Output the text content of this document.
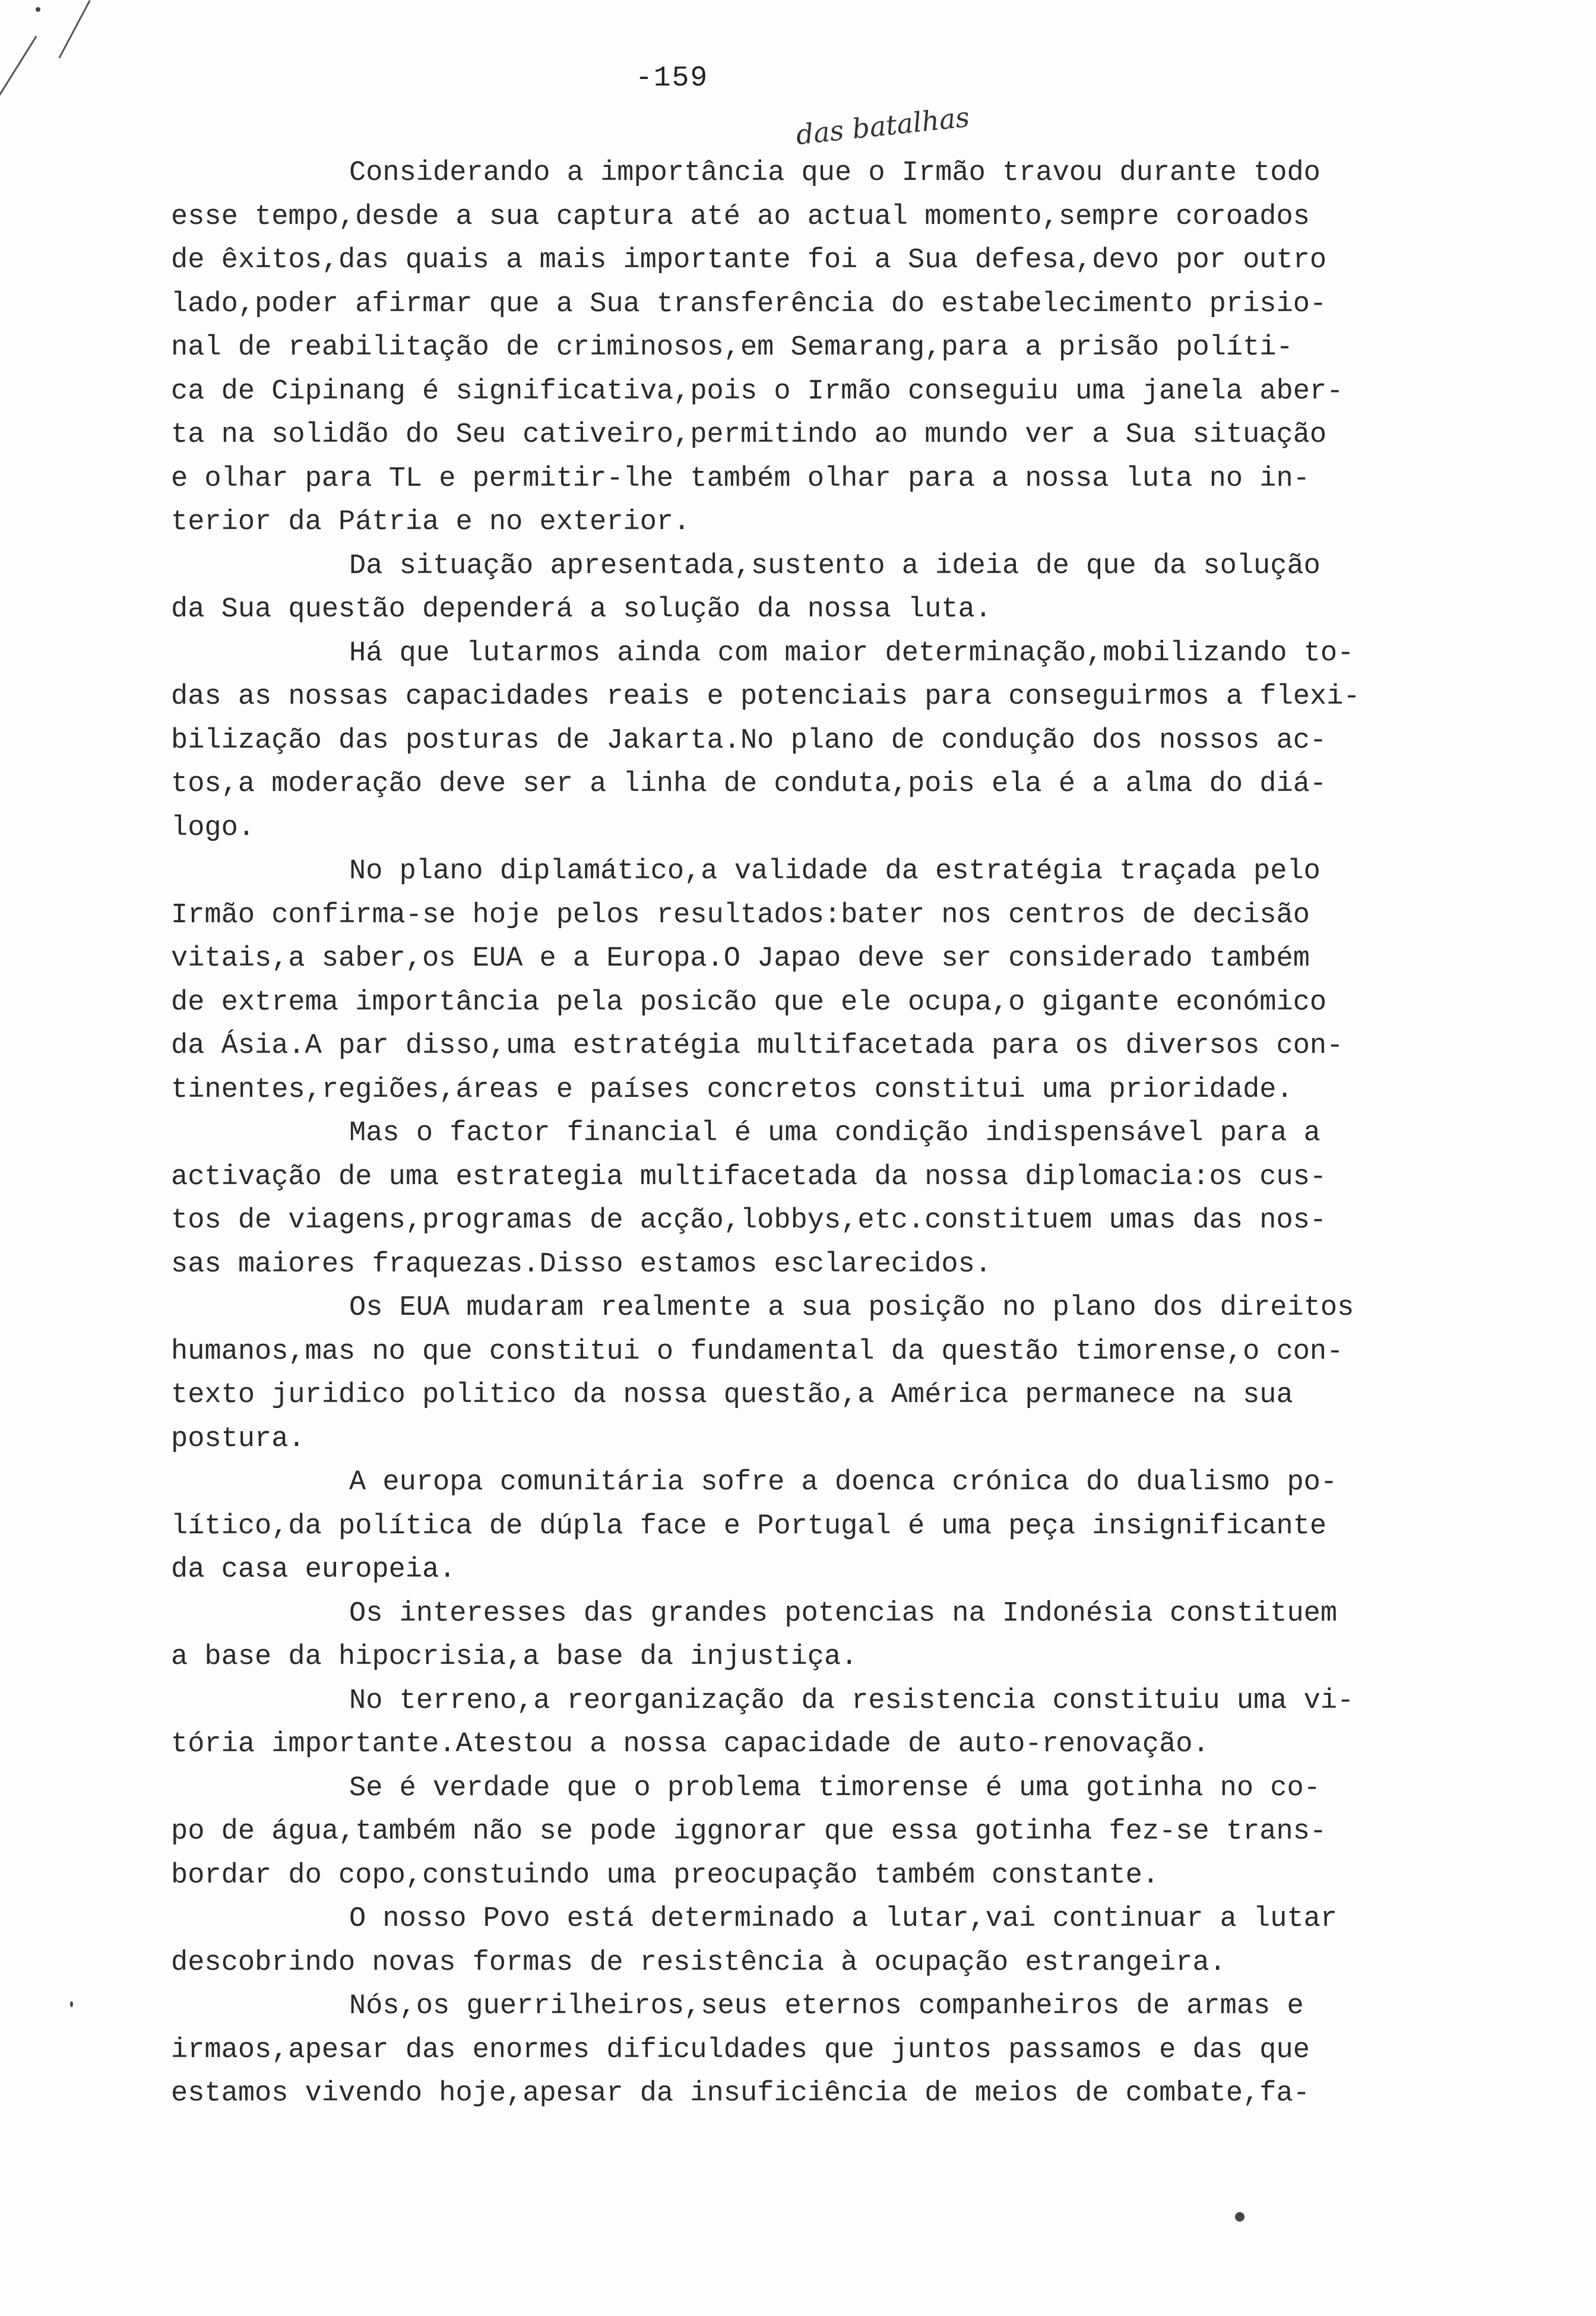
-159
das batalhas
Considerando a importância que o Irmão travou durante todo
esse tempo,desde a sua captura até ao actual momento,sempre coroados
de êxitos,das quais a mais importante foi a Sua defesa,devo por outro
lado,poder afirmar que a Sua transferência do estabelecimento prisio-
nal de reabilitação de criminosos,em Semarang,para a prisão políti-
ca de Cipinang é significativa,pois o Irmão conseguiu uma janela aber-
ta na solidão do Seu cativeiro,permitindo ao mundo ver a Sua situação
e olhar para TL e permitir-lhe também olhar para a nossa luta no in-
terior da Pátria e no exterior.
Da situação apresentada,sustento a ideia de que da solução
da Sua questão dependerá a solução da nossa luta.
Há que lutarmos ainda com maior determinação,mobilizando to-
das as nossas capacidades reais e potenciais para conseguirmos a flexi-
bilização das posturas de Jakarta.No plano de condução dos nossos ac-
tos,a moderação deve ser a linha de conduta,pois ela é a alma do diá-
logo.
No plano diplamático,a validade da estratégia traçada pelo
Irmão confirma-se hoje pelos resultados:bater nos centros de decisão
vitais,a saber,os EUA e a Europa.O Japao deve ser considerado também
de extrema importância pela posicão que ele ocupa,o gigante económico
da Ásia.A par disso,uma estratégia multifacetada para os diversos con-
tinentes,regiões,áreas e países concretos constitui uma prioridade.
Mas o factor financial é uma condição indispensável para a
activação de uma estrategia multifacetada da nossa diplomacia:os cus-
tos de viagens,programas de acção,lobbys,etc.constituem umas das nos-
sas maiores fraquezas.Disso estamos esclarecidos.
Os EUA mudaram realmente a sua posição no plano dos direitos
humanos,mas no que constitui o fundamental da questão timorense,o con-
texto juridico politico da nossa questão,a América permanece na sua
postura.
A europa comunitária sofre a doenca crónica do dualismo po-
lítico,da política de dúpla face e Portugal é uma peça insignificante
da casa europeia.
Os interesses das grandes potencias na Indonésia constituem
a base da hipocrisia,a base da injustiça.
No terreno,a reorganização da resistencia constituiu uma vi-
tória importante.Atestou a nossa capacidade de auto-renovação.
Se é verdade que o problema timorense é uma gotinha no co-
po de água,também não se pode iggnorar que essa gotinha fez-se trans-
bordar do copo,constuindo uma preocupação também constante.
O nosso Povo está determinado a lutar,vai continuar a lutar
descobrindo novas formas de resistência à ocupação estrangeira.
Nós,os guerrilheiros,seus eternos companheiros de armas e
irmaos,apesar das enormes dificuldades que juntos passamos e das que
estamos vivendo hoje,apesar da insuficiência de meios de combate,fa-
